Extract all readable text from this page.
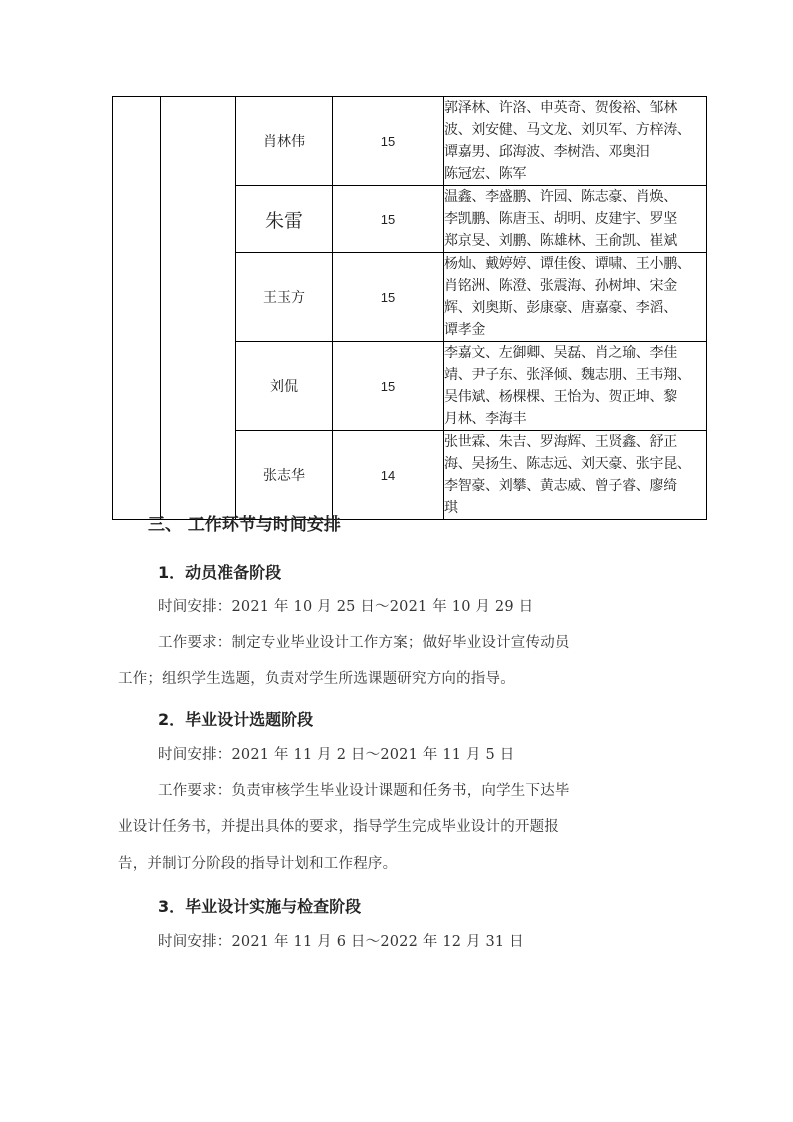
		肖林伟	15	郭泽林、许洛、申英奇、贺俊裕、邹林
波、刘安健、马文龙、刘贝军、方梓涛、
谭嘉男、邱海波、李树浩、邓奥汨
陈冠宏、陈军

		朱雷	15	温鑫、李盛鹏、许园、陈志豪、肖焕、
李凯鹏、陈唐玉、胡明、皮建宇、罗坚
郑京旻、刘鹏、陈雄林、王俞凯、崔斌

		王玉方	15	杨灿、戴婷婷、谭佳俊、谭啸、王小鹏、
肖铭洲、陈澄、张震海、孙树坤、宋金
辉、刘奥斯、彭康豪、唐嘉豪、李滔、
谭孝金

		刘侃	15	李嘉文、左御卿、吴磊、肖之瑜、李佳
靖、尹子东、张泽倾、魏志朋、王韦翔、
吴伟斌、杨棵棵、王怡为、贺正坤、黎
月林、李海丰

		张志华	14	张世霖、朱吉、罗海辉、王贤鑫、舒正
海、吴扬生、陈志远、刘天豪、张宇昆、
李智豪、刘攀、黄志威、曾子睿、廖绮
琪
三、 工作环节与时间安排
1．动员准备阶段
时间安排：2021 年 10 月 25 日～2021 年 10 月 29 日
工作要求：制定专业毕业设计工作方案；做好毕业设计宣传动员
工作；组织学生选题，负责对学生所选课题研究方向的指导。
2．毕业设计选题阶段
时间安排：2021 年 11 月 2 日～2021 年 11 月 5 日
工作要求：负责审核学生毕业设计课题和任务书，向学生下达毕
业设计任务书，并提出具体的要求，指导学生完成毕业设计的开题报
告，并制订分阶段的指导计划和工作程序。
3．毕业设计实施与检查阶段
时间安排：2021 年 11 月 6 日～2022 年 12 月 31 日
